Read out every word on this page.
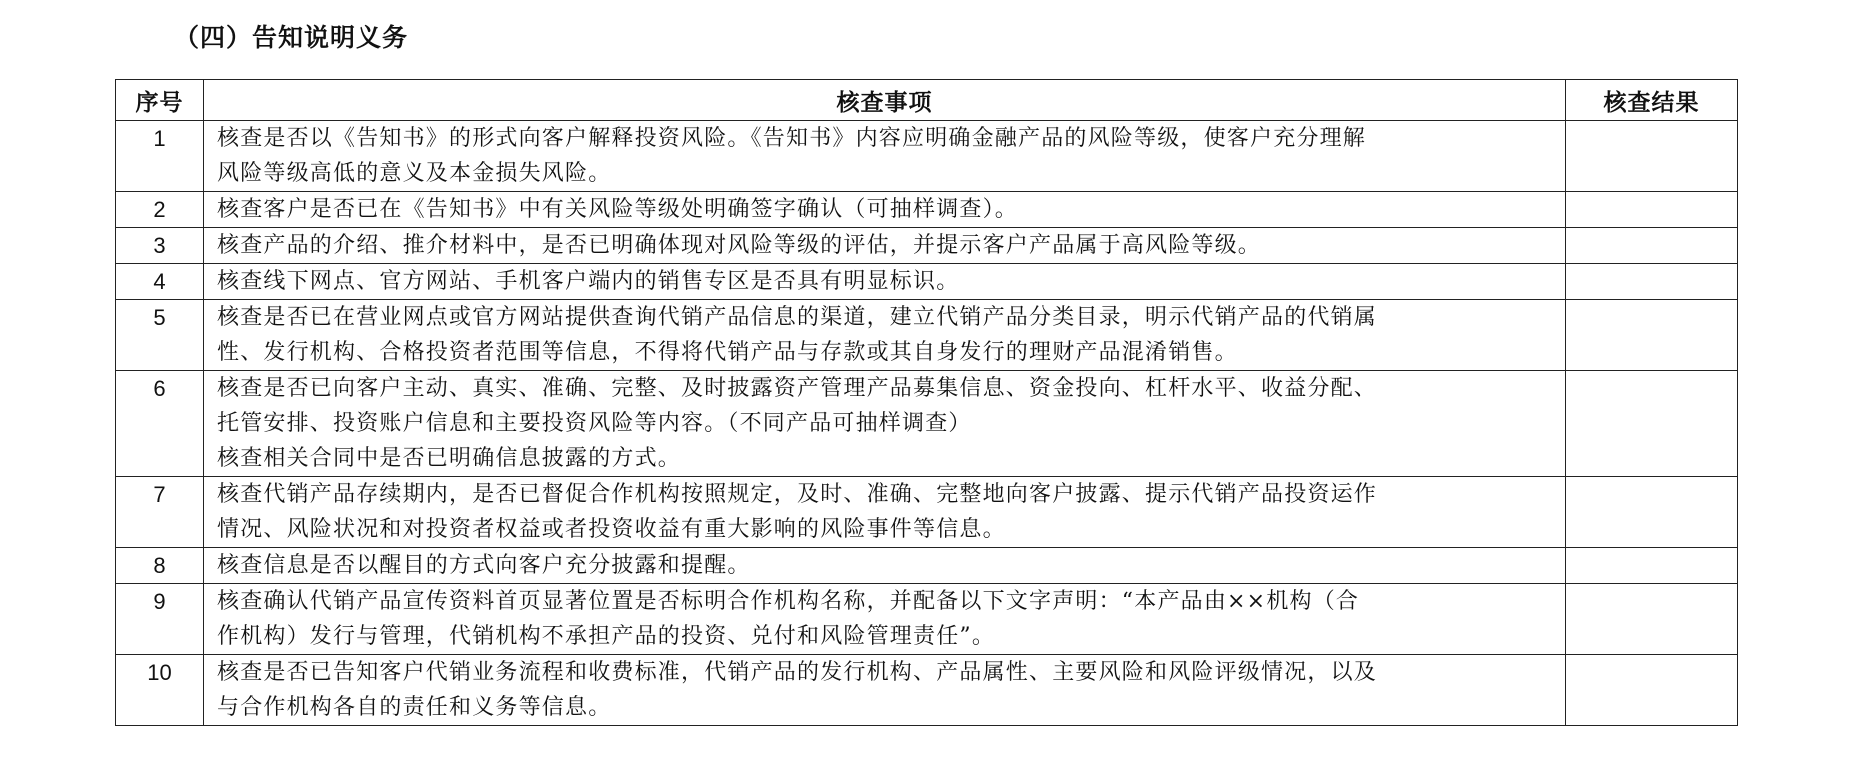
（四）告知说明义务
序号	核查事项	核查结果
1	核查是否以《告知书》的形式向客户解释投资风险。《告知书》内容应明确金融产品的风险等级，使客户充分理解
风险等级高低的意义及本金损失风险。	

2	核查客户是否已在《告知书》中有关风险等级处明确签字确认（可抽样调查）。	

3	核查产品的介绍、推介材料中，是否已明确体现对风险等级的评估，并提示客户产品属于高风险等级。	

4	核查线下网点、官方网站、手机客户端内的销售专区是否具有明显标识。	

5	核查是否已在营业网点或官方网站提供查询代销产品信息的渠道，建立代销产品分类目录，明示代销产品的代销属
性、发行机构、合格投资者范围等信息，不得将代销产品与存款或其自身发行的理财产品混淆销售。	

6	核查是否已向客户主动、真实、准确、完整、及时披露资产管理产品募集信息、资金投向、杠杆水平、收益分配、
托管安排、投资账户信息和主要投资风险等内容。（不同产品可抽样调查）
核查相关合同中是否已明确信息披露的方式。	

7	核查代销产品存续期内，是否已督促合作机构按照规定，及时、准确、完整地向客户披露、提示代销产品投资运作
情况、风险状况和对投资者权益或者投资收益有重大影响的风险事件等信息。	

8	核查信息是否以醒目的方式向客户充分披露和提醒。	

9	核查确认代销产品宣传资料首页显著位置是否标明合作机构名称，并配备以下文字声明：“本产品由××机构（合
作机构）发行与管理，代销机构不承担产品的投资、兑付和风险管理责任”。	

10	核查是否已告知客户代销业务流程和收费标准，代销产品的发行机构、产品属性、主要风险和风险评级情况，以及
与合作机构各自的责任和义务等信息。	
